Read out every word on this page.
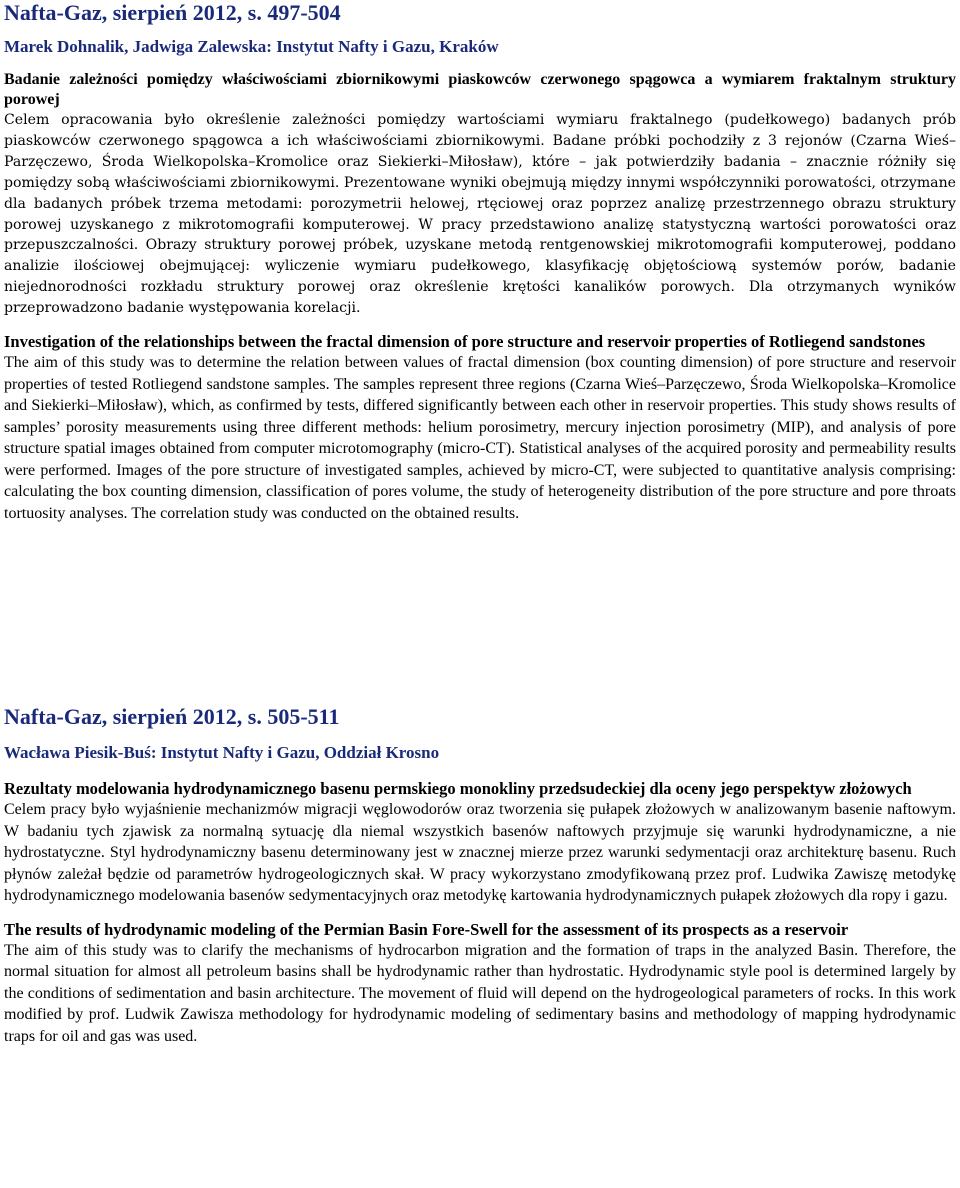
Nafta-Gaz, sierpień 2012, s. 497-504
Marek Dohnalik, Jadwiga Zalewska: Instytut Nafty i Gazu, Kraków
Badanie zależności pomiędzy właściwościami zbiornikowymi piaskowców czerwonego spągowca a wymiarem fraktalnym struktury porowej

Celem opracowania było określenie zależności pomiędzy wartościami wymiaru fraktalnego (pudełkowego) badanych prób piaskowców czerwonego spągowca a ich właściwościami zbiornikowymi. Badane próbki pochodziły z 3 rejonów (Czarna Wieś–Parzęczewo, Środa Wielkopolska–Kromolice oraz Siekierki–Miłosław), które – jak potwierdziły badania – znacznie różniły się pomiędzy sobą właściwościami zbiornikowymi. Prezentowane wyniki obejmują między innymi współczynniki porowatości, otrzymane dla badanych próbek trzema metodami: porozymetrii helowej, rtęciowej oraz poprzez analizę przestrzennego obrazu struktury porowej uzyskanego z mikrotomografii komputerowej. W pracy przedstawiono analizę statystyczną wartości porowatości oraz przepuszczalności. Obrazy struktury porowej próbek, uzyskane metodą rentgenowskiej mikrotomografii komputerowej, poddano analizie ilościowej obejmującej: wyliczenie wymiaru pudełkowego, klasyfikację objętościową systemów porów, badanie niejednorodności rozkładu struktury porowej oraz określenie krętości kanalików porowych. Dla otrzymanych wyników przeprowadzono badanie występowania korelacji.

Investigation of the relationships between the fractal dimension of pore structure and reservoir properties of Rotliegend sandstones

The aim of this study was to determine the relation between values of fractal dimension (box counting dimension) of pore structure and reservoir properties of tested Rotliegend sandstone samples. The samples represent three regions (Czarna Wieś–Parzęczewo, Środa Wielkopolska–Kromolice and Siekierki–Miłosław), which, as confirmed by tests, differed significantly between each other in reservoir properties. This study shows results of samples’ porosity measurements using three different methods: helium porosimetry, mercury injection porosimetry (MIP), and analysis of pore structure spatial images obtained from computer microtomography (micro-CT). Statistical analyses of the acquired porosity and permeability results were performed. Images of the pore structure of investigated samples, achieved by micro-CT, were subjected to quantitative analysis comprising: calculating the box counting dimension, classification of pores volume, the study of heterogeneity distribution of the pore structure and pore throats tortuosity analyses. The correlation study was conducted on the obtained results.

Nafta-Gaz, sierpień 2012, s. 505-511
Wacława Piesik-Buś: Instytut Nafty i Gazu, Oddział Krosno
Rezultaty modelowania hydrodynamicznego basenu permskiego monokliny przedsudeckiej dla oceny jego perspektyw złożowych

Celem pracy było wyjaśnienie mechanizmów migracji węglowodorów oraz tworzenia się pułapek złożowych w analizowanym basenie naftowym. W badaniu tych zjawisk za normalną sytuację dla niemal wszystkich basenów naftowych przyjmuje się warunki hydrodynamiczne, a nie hydrostatyczne. Styl hydrodynamiczny basenu determinowany jest w znacznej mierze przez warunki sedymentacji oraz architekturę basenu. Ruch płynów zależał będzie od parametrów hydrogeologicznych skał. W pracy wykorzystano zmodyfikowaną przez prof. Ludwika Zawiszę metodykę hydrodynamicznego modelowania basenów sedymentacyjnych oraz metodykę kartowania hydrodynamicznych pułapek złożowych dla ropy i gazu.

The results of hydrodynamic modeling of the Permian Basin Fore-Swell for the assessment of its prospects as a reservoir

The aim of this study was to clarify the mechanisms of hydrocarbon migration and the formation of traps in the analyzed Basin. Therefore, the normal situation for almost all petroleum basins shall be hydrodynamic rather than hydrostatic. Hydrodynamic style pool is determined largely by the conditions of sedimentation and basin architecture. The movement of fluid will depend on the hydrogeological parameters of rocks. In this work modified by prof. Ludwik Zawisza methodology for hydrodynamic modeling of sedimentary basins and methodology of mapping hydrodynamic traps for oil and gas was used.
